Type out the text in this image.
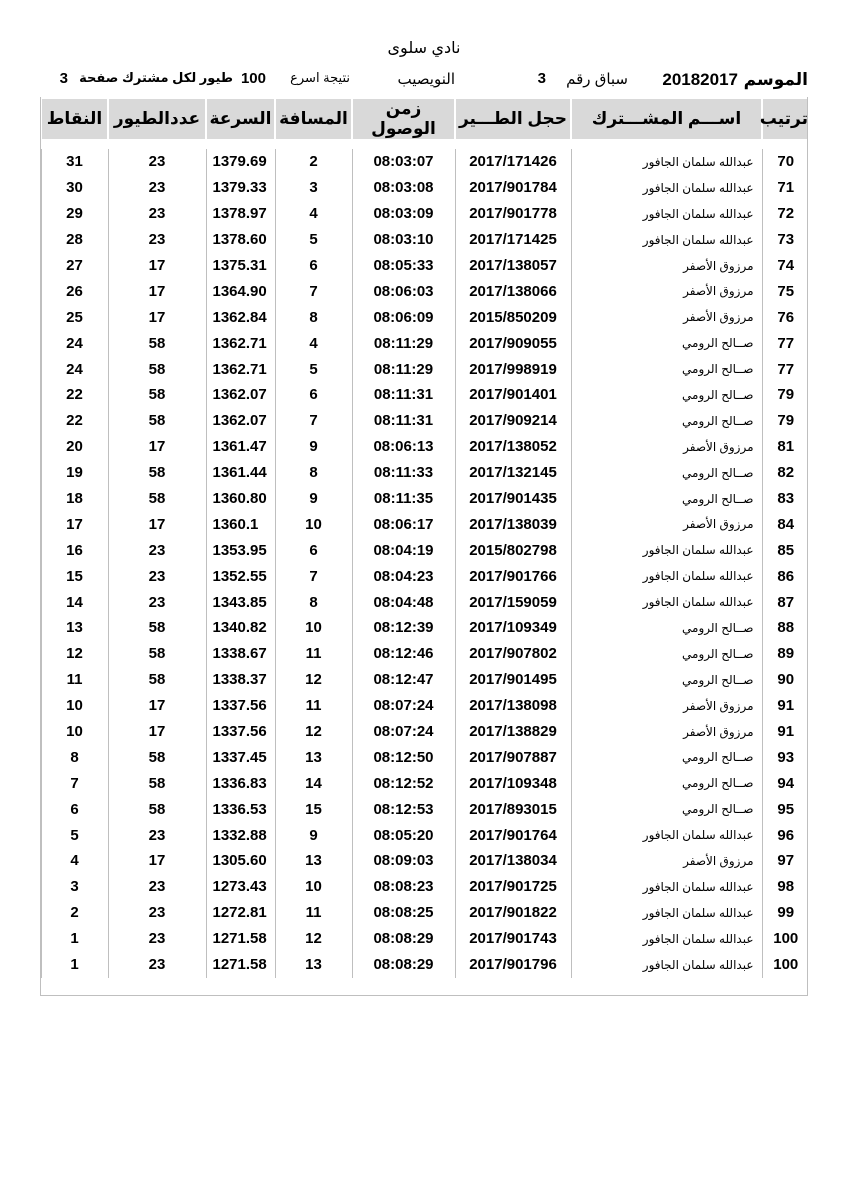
نادي سلوى
الموسم
20182017
سباق رقم
3
النويصيب
نتيجة اسرع
100
طيور لكل مشترك صفحة
3
ترتيب	اســـم المشـــترك	حجل الطـــير	زمن الوصول	المسافة	السرعة	عددالطيور	النقاط

70	عبدالله سلمان الجافور	2017/171426	08:03:07	2	1379.69	23	31
71	عبدالله سلمان الجافور	2017/901784	08:03:08	3	1379.33	23	30
72	عبدالله سلمان الجافور	2017/901778	08:03:09	4	1378.97	23	29
73	عبدالله سلمان الجافور	2017/171425	08:03:10	5	1378.60	23	28
74	مرزوق الأصفر	2017/138057	08:05:33	6	1375.31	17	27
75	مرزوق الأصفر	2017/138066	08:06:03	7	1364.90	17	26
76	مرزوق الأصفر	2015/850209	08:06:09	8	1362.84	17	25
77	صــالح الرومي	2017/909055	08:11:29	4	1362.71	58	24
77	صــالح الرومي	2017/998919	08:11:29	5	1362.71	58	24
79	صــالح الرومي	2017/901401	08:11:31	6	1362.07	58	22
79	صــالح الرومي	2017/909214	08:11:31	7	1362.07	58	22
81	مرزوق الأصفر	2017/138052	08:06:13	9	1361.47	17	20
82	صــالح الرومي	2017/132145	08:11:33	8	1361.44	58	19
83	صــالح الرومي	2017/901435	08:11:35	9	1360.80	58	18
84	مرزوق الأصفر	2017/138039	08:06:17	10	1360.1	17	17
85	عبدالله سلمان الجافور	2015/802798	08:04:19	6	1353.95	23	16
86	عبدالله سلمان الجافور	2017/901766	08:04:23	7	1352.55	23	15
87	عبدالله سلمان الجافور	2017/159059	08:04:48	8	1343.85	23	14
88	صــالح الرومي	2017/109349	08:12:39	10	1340.82	58	13
89	صــالح الرومي	2017/907802	08:12:46	11	1338.67	58	12
90	صــالح الرومي	2017/901495	08:12:47	12	1338.37	58	11
91	مرزوق الأصفر	2017/138098	08:07:24	11	1337.56	17	10
91	مرزوق الأصفر	2017/138829	08:07:24	12	1337.56	17	10
93	صــالح الرومي	2017/907887	08:12:50	13	1337.45	58	8
94	صــالح الرومي	2017/109348	08:12:52	14	1336.83	58	7
95	صــالح الرومي	2017/893015	08:12:53	15	1336.53	58	6
96	عبدالله سلمان الجافور	2017/901764	08:05:20	9	1332.88	23	5
97	مرزوق الأصفر	2017/138034	08:09:03	13	1305.60	17	4
98	عبدالله سلمان الجافور	2017/901725	08:08:23	10	1273.43	23	3
99	عبدالله سلمان الجافور	2017/901822	08:08:25	11	1272.81	23	2
100	عبدالله سلمان الجافور	2017/901743	08:08:29	12	1271.58	23	1
100	عبدالله سلمان الجافور	2017/901796	08:08:29	13	1271.58	23	1
